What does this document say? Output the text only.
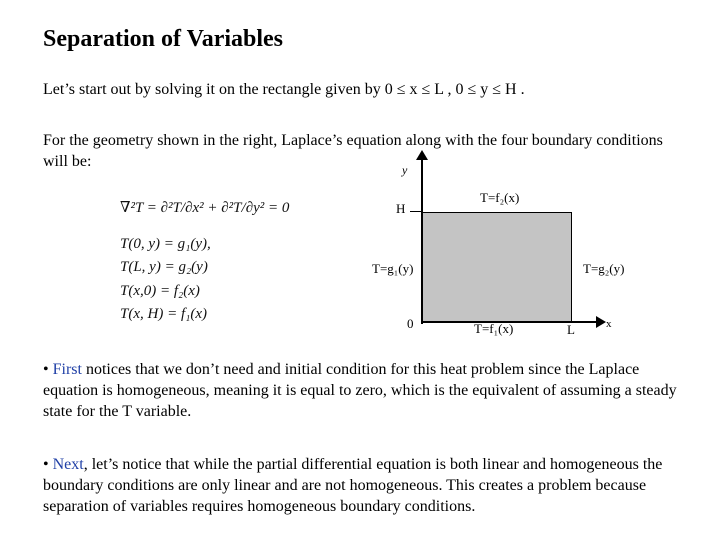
Separation of Variables
Let’s start out by solving it on the rectangle given by 0 ≤ x ≤ L , 0 ≤ y ≤ H .
For the geometry shown in the right, Laplace’s equation along with the four boundary conditions will be:
∇²T = ∂²T/∂x² + ∂²T/∂y² = 0
T(0, y) = g₁(y),
T(L, y) = g₂(y)
T(x,0) = f₂(x)
T(x, H) = f₁(x)
y
x
H
L
0
T=f₂(x)
T=f₁(x)
T=g₁(y)	T=g₂(y)
• First notices that we don’t need and initial condition for this heat problem since the Laplace equation is homogeneous, meaning it is equal to zero, which is the equivalent of assuming a steady state for the T variable.
• Next, let’s notice that while the partial differential equation is both linear and homogeneous the boundary conditions are only linear and are not homogeneous. This creates a problem because separation of variables requires homogeneous boundary conditions.
